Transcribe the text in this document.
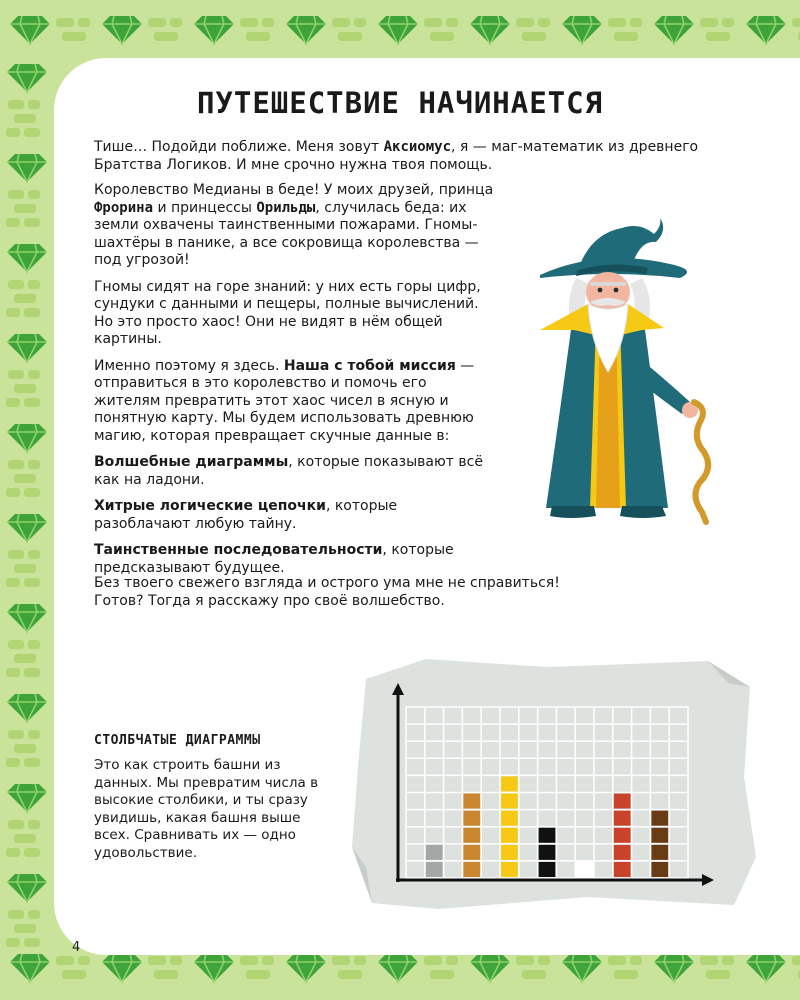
ПУТЕШЕСТВИЕ НАЧИНАЕТСЯ

Тише… Подойди поближе. Меня зовут Аксиомус, я — маг-математик из древнего Братства Логиков. И мне срочно нужна твоя помощь.

Королевство Медианы в беде! У моих друзей, принца Фрорина и принцессы Орильды, случилась беда: их земли охвачены таинственными пожарами. Гномы-шахтёры в панике, а все сокровища королевства — под угрозой!

Гномы сидят на горе знаний: у них есть горы цифр, сундуки с данными и пещеры, полные вычислений. Но это просто хаос! Они не видят в нём общей картины.

Именно поэтому я здесь. Наша с тобой миссия — отправиться в это королевство и помочь его жителям превратить этот хаос чисел в ясную и понятную карту. Мы будем использовать древнюю магию, которая превращает скучные данные в:

Волшебные диаграммы, которые показывают всё как на ладони.

Хитрые логические цепочки, которые разоблачают любую тайну.

Таинственные последовательности, которые предсказывают будущее.

Без твоего свежего взгляда и острого ума мне не справиться! Готов? Тогда я расскажу про своё волшебство.

СТОЛБЧАТЫЕ ДИАГРАММЫ

Это как строить башни из данных. Мы превратим числа в высокие столбики, и ты сразу увидишь, какая башня выше всех. Сравнивать их — одно удовольствие.

4
